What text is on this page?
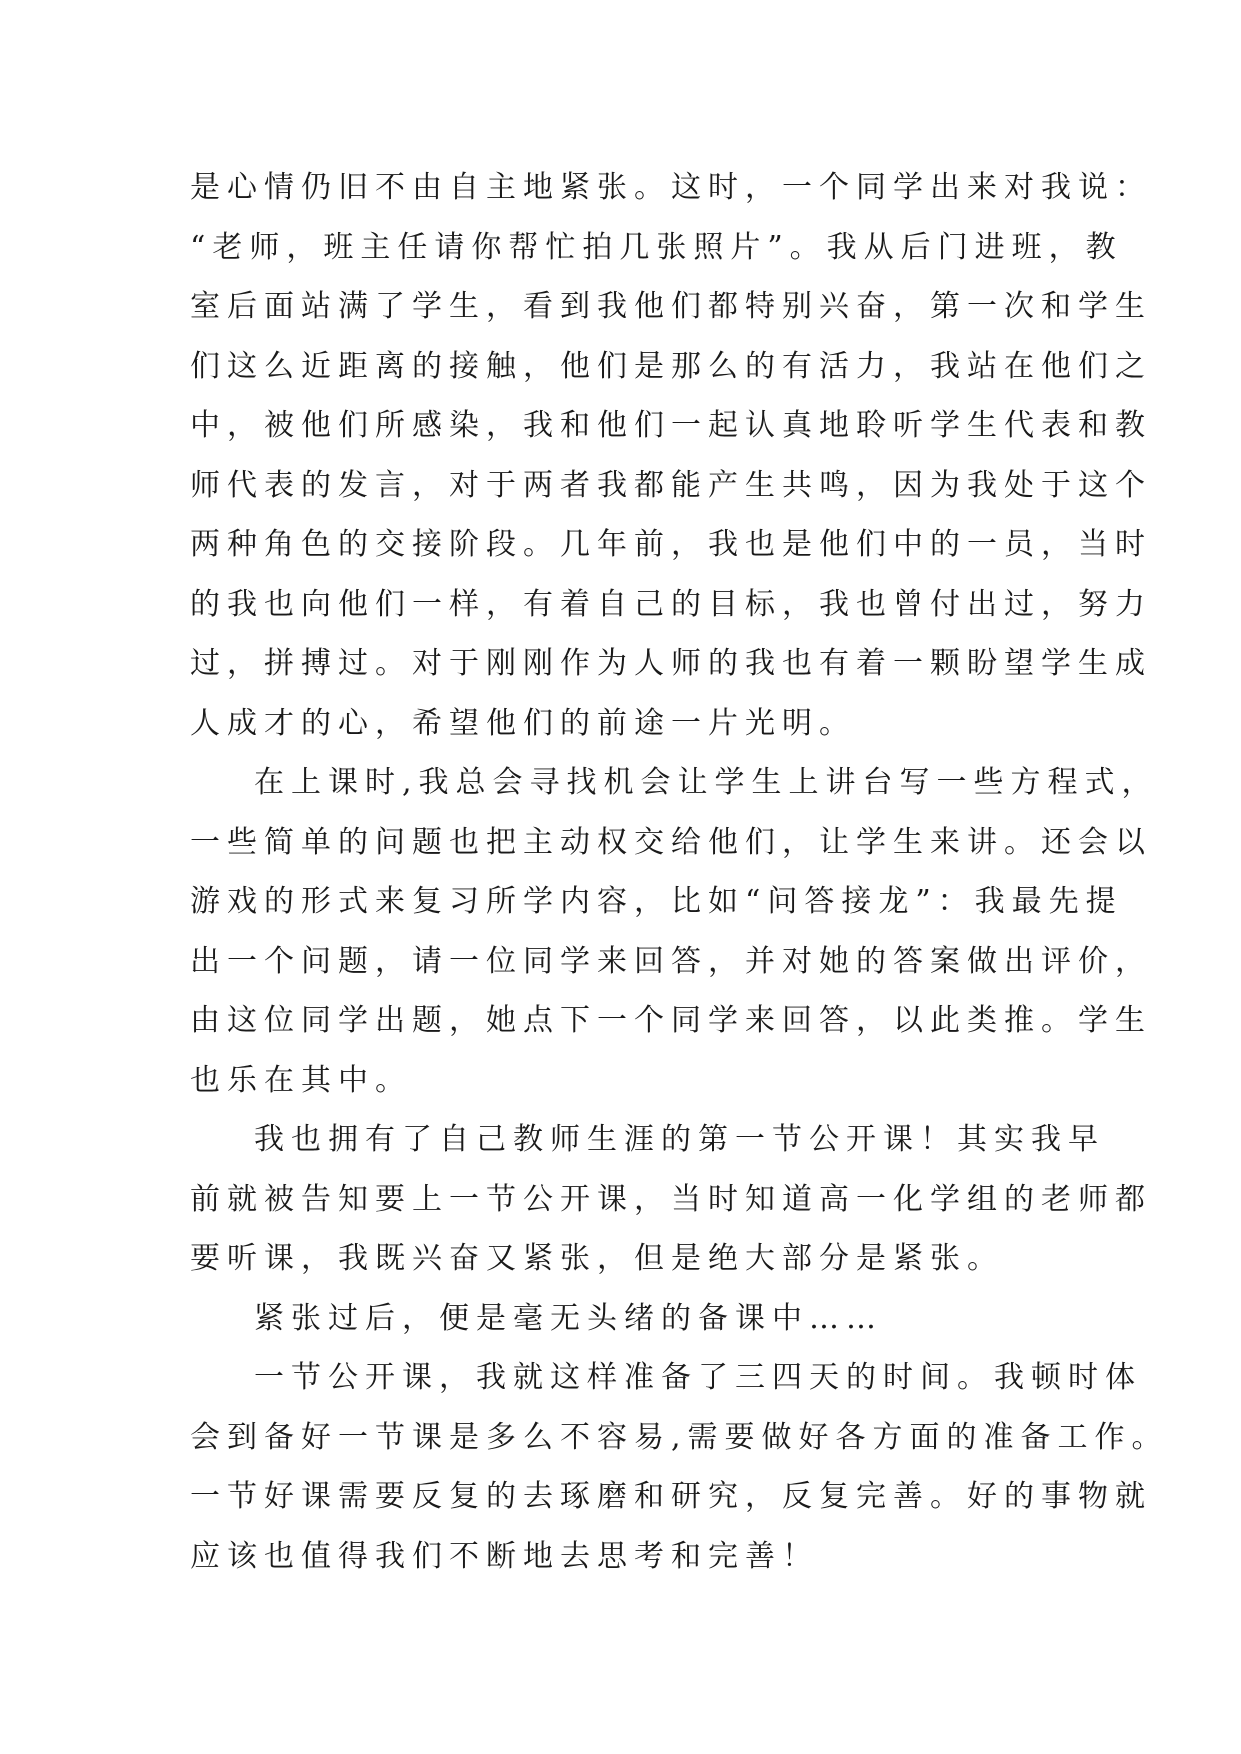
是心情仍旧不由自主地紧张。这时，一个同学出来对我说：
“老师，班主任请你帮忙拍几张照片”。我从后门进班，教
室后面站满了学生，看到我他们都特别兴奋，第一次和学生
们这么近距离的接触，他们是那么的有活力，我站在他们之
中，被他们所感染，我和他们一起认真地聆听学生代表和教
师代表的发言，对于两者我都能产生共鸣，因为我处于这个
两种角色的交接阶段。几年前，我也是他们中的一员，当时
的我也向他们一样，有着自己的目标，我也曾付出过，努力
过，拼搏过。对于刚刚作为人师的我也有着一颗盼望学生成
人成才的心，希望他们的前途一片光明。
在上课时,我总会寻找机会让学生上讲台写一些方程式，
一些简单的问题也把主动权交给他们，让学生来讲。还会以
游戏的形式来复习所学内容，比如“问答接龙”：我最先提
出一个问题，请一位同学来回答，并对她的答案做出评价，
由这位同学出题，她点下一个同学来回答，以此类推。学生
也乐在其中。
我也拥有了自己教师生涯的第一节公开课！其实我早
前就被告知要上一节公开课，当时知道高一化学组的老师都
要听课，我既兴奋又紧张，但是绝大部分是紧张。
紧张过后，便是毫无头绪的备课中……
一节公开课，我就这样准备了三四天的时间。我顿时体
会到备好一节课是多么不容易,需要做好各方面的准备工作。
一节好课需要反复的去琢磨和研究，反复完善。好的事物就
应该也值得我们不断地去思考和完善！
